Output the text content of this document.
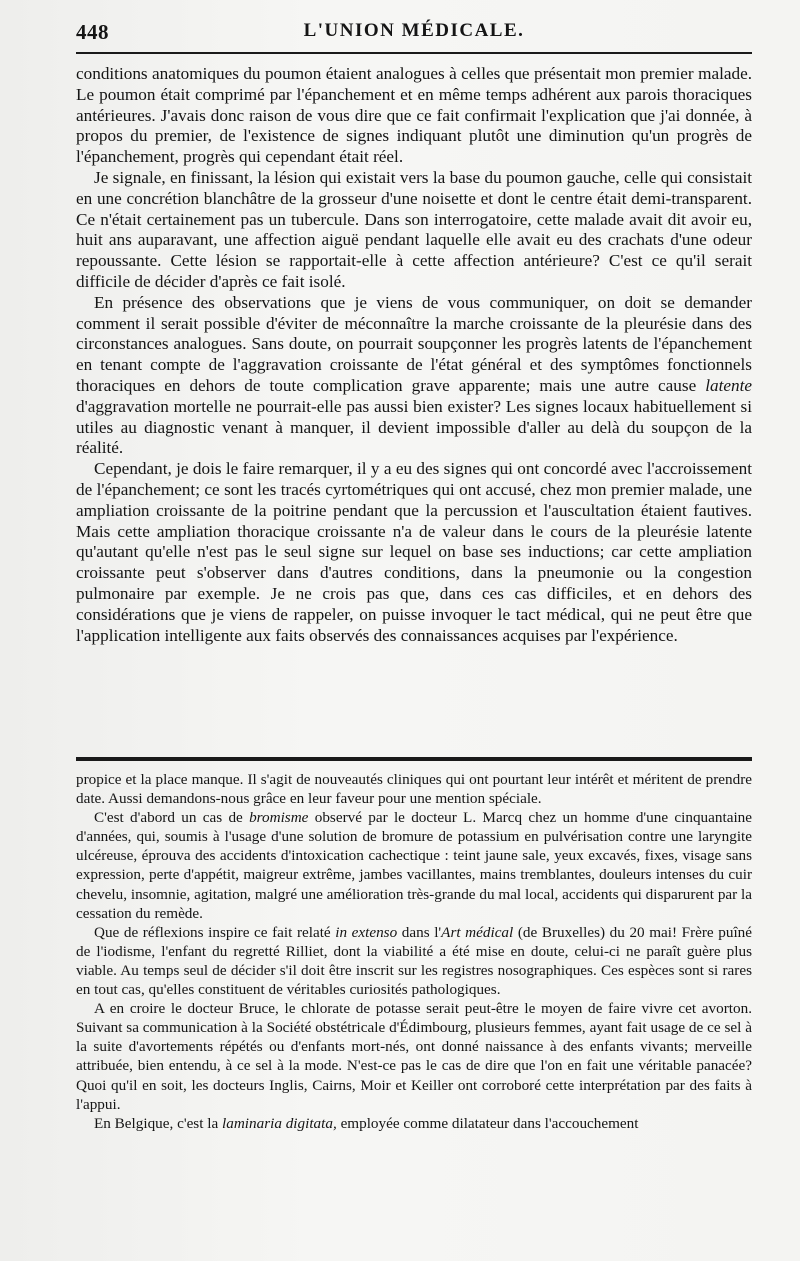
448	L'UNION MÉDICALE.

conditions anatomiques du poumon étaient analogues à celles que présentait mon premier malade. Le poumon était comprimé par l'épanchement et en même temps adhérent aux parois thoraciques antérieures. J'avais donc raison de vous dire que ce fait confirmait l'explication que j'ai donnée, à propos du premier, de l'existence de signes indiquant plutôt une diminution qu'un progrès de l'épanchement, progrès qui cependant était réel.

Je signale, en finissant, la lésion qui existait vers la base du poumon gauche, celle qui consistait en une concrétion blanchâtre de la grosseur d'une noisette et dont le centre était demi-transparent. Ce n'était certainement pas un tubercule. Dans son interrogatoire, cette malade avait dit avoir eu, huit ans auparavant, une affection aiguë pendant laquelle elle avait eu des crachats d'une odeur repoussante. Cette lésion se rapportait-elle à cette affection antérieure? C'est ce qu'il serait difficile de décider d'après ce fait isolé.

En présence des observations que je viens de vous communiquer, on doit se demander comment il serait possible d'éviter de méconnaître la marche croissante de la pleurésie dans des circonstances analogues. Sans doute, on pourrait soupçonner les progrès latents de l'épanchement en tenant compte de l'aggravation croissante de l'état général et des symptômes fonctionnels thoraciques en dehors de toute complication grave apparente; mais une autre cause latente d'aggravation mortelle ne pourrait-elle pas aussi bien exister? Les signes locaux habituellement si utiles au diagnostic venant à manquer, il devient impossible d'aller au delà du soupçon de la réalité.

Cependant, je dois le faire remarquer, il y a eu des signes qui ont concordé avec l'accroissement de l'épanchement; ce sont les tracés cyrtométriques qui ont accusé, chez mon premier malade, une ampliation croissante de la poitrine pendant que la percussion et l'auscultation étaient fautives. Mais cette ampliation thoracique croissante n'a de valeur dans le cours de la pleurésie latente qu'autant qu'elle n'est pas le seul signe sur lequel on base ses inductions; car cette ampliation croissante peut s'observer dans d'autres conditions, dans la pneumonie ou la congestion pulmonaire par exemple. Je ne crois pas que, dans ces cas difficiles, et en dehors des considérations que je viens de rappeler, on puisse invoquer le tact médical, qui ne peut être que l'application intelligente aux faits observés des connaissances acquises par l'expérience.

propice et la place manque. Il s'agit de nouveautés cliniques qui ont pourtant leur intérêt et méritent de prendre date. Aussi demandons-nous grâce en leur faveur pour une mention spéciale.

C'est d'abord un cas de bromisme observé par le docteur L. Marcq chez un homme d'une cinquantaine d'années, qui, soumis à l'usage d'une solution de bromure de potassium en pulvérisation contre une laryngite ulcéreuse, éprouva des accidents d'intoxication cachectique : teint jaune sale, yeux excavés, fixes, visage sans expression, perte d'appétit, maigreur extrême, jambes vacillantes, mains tremblantes, douleurs intenses du cuir chevelu, insomnie, agitation, malgré une amélioration très-grande du mal local, accidents qui disparurent par la cessation du remède.

Que de réflexions inspire ce fait relaté in extenso dans l'Art médical (de Bruxelles) du 20 mai! Frère puîné de l'iodisme, l'enfant du regretté Rilliet, dont la viabilité a été mise en doute, celui-ci ne paraît guère plus viable. Au temps seul de décider s'il doit être inscrit sur les registres nosographiques. Ces espèces sont si rares en tout cas, qu'elles constituent de véritables curiosités pathologiques.

A en croire le docteur Bruce, le chlorate de potasse serait peut-être le moyen de faire vivre cet avorton. Suivant sa communication à la Société obstétricale d'Édimbourg, plusieurs femmes, ayant fait usage de ce sel à la suite d'avortements répétés ou d'enfants mort-nés, ont donné naissance à des enfants vivants; merveille attribuée, bien entendu, à ce sel à la mode. N'est-ce pas le cas de dire que l'on en fait une véritable panacée? Quoi qu'il en soit, les docteurs Inglis, Cairns, Moir et Keiller ont corroboré cette interprétation par des faits à l'appui.

En Belgique, c'est la laminaria digitata, employée comme dilatateur dans l'accouchement
